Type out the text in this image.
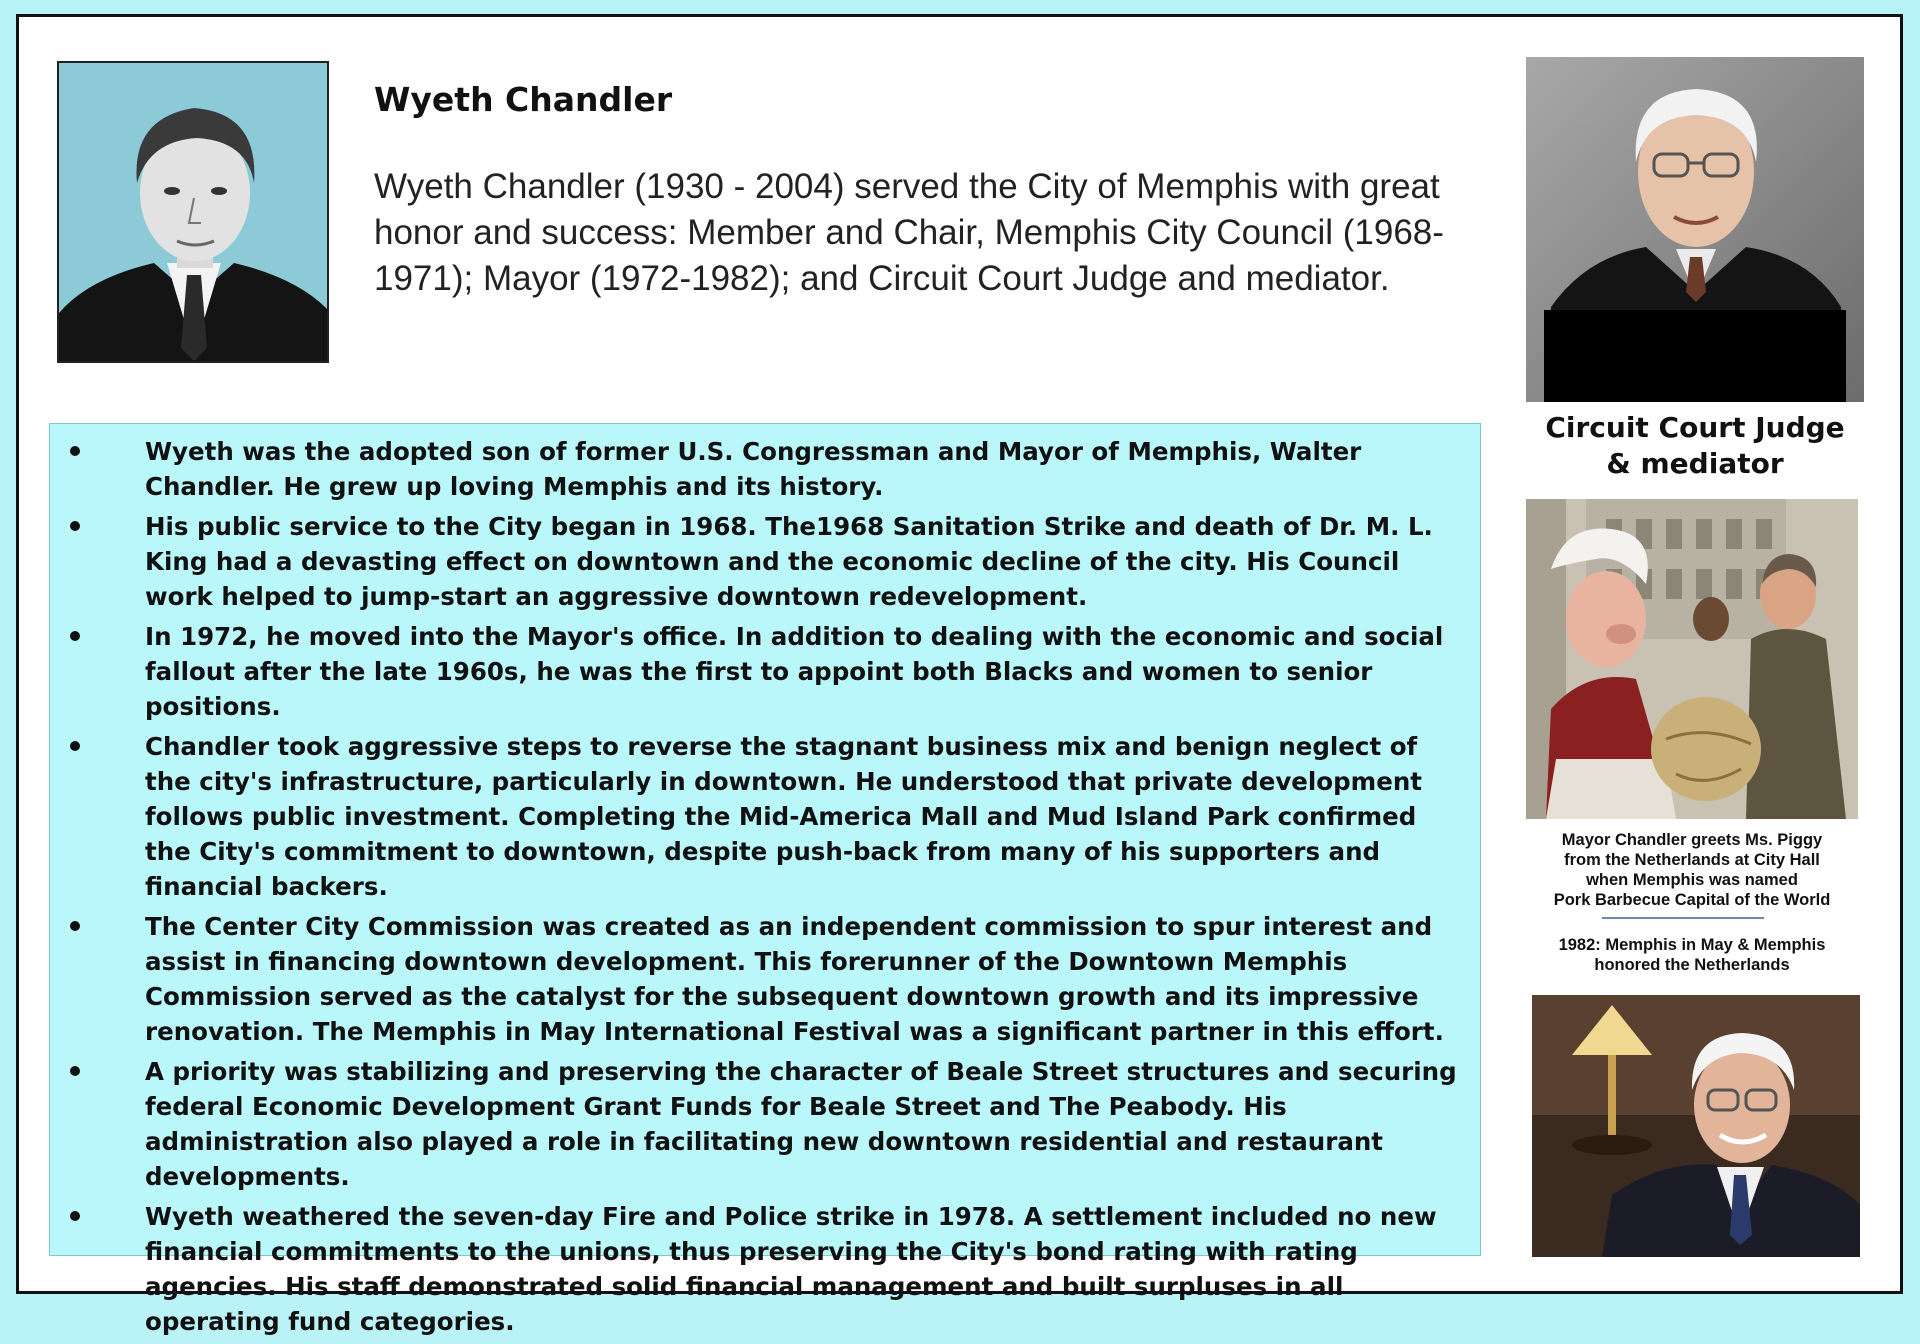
Wyeth Chandler

Wyeth Chandler (1930 - 2004) served the City of Memphis with great honor and success: Member and Chair, Memphis City Council (1968-1971); Mayor (1972-1982); and Circuit Court Judge and mediator.

Wyeth was the adopted son of former U.S. Congressman and Mayor of Memphis, Walter Chandler. He grew up loving Memphis and its history.
His public service to the City began in 1968. The1968 Sanitation Strike and death of Dr. M. L. King had a devasting effect on downtown and the economic decline of the city. His Council work helped to jump-start an aggressive downtown redevelopment.
In 1972, he moved into the Mayor's office. In addition to dealing with the economic and social fallout after the late 1960s, he was the first to appoint both Blacks and women to senior positions.
Chandler took aggressive steps to reverse the stagnant business mix and benign neglect of the city's infrastructure, particularly in downtown. He understood that private development follows public investment. Completing the Mid-America Mall and Mud Island Park confirmed the City's commitment to downtown, despite push-back from many of his supporters and financial backers.
The Center City Commission was created as an independent commission to spur interest and assist in financing downtown development. This forerunner of the Downtown Memphis Commission served as the catalyst for the subsequent downtown growth and its impressive renovation. The Memphis in May International Festival was a significant partner in this effort.
A priority was stabilizing and preserving the character of Beale Street structures and securing federal Economic Development Grant Funds for Beale Street and The Peabody. His administration also played a role in facilitating new downtown residential and restaurant developments.
Wyeth weathered the seven-day Fire and Police strike in 1978. A settlement included no new financial commitments to the unions, thus preserving the City's bond rating with rating agencies. His staff demonstrated solid financial management and built surpluses in all operating fund categories.

Circuit Court Judge
& mediator

Mayor Chandler greets Ms. Piggy
from the Netherlands at City Hall
when Memphis was named
Pork Barbecue Capital of the World

1982: Memphis in May & Memphis
honored the Netherlands
